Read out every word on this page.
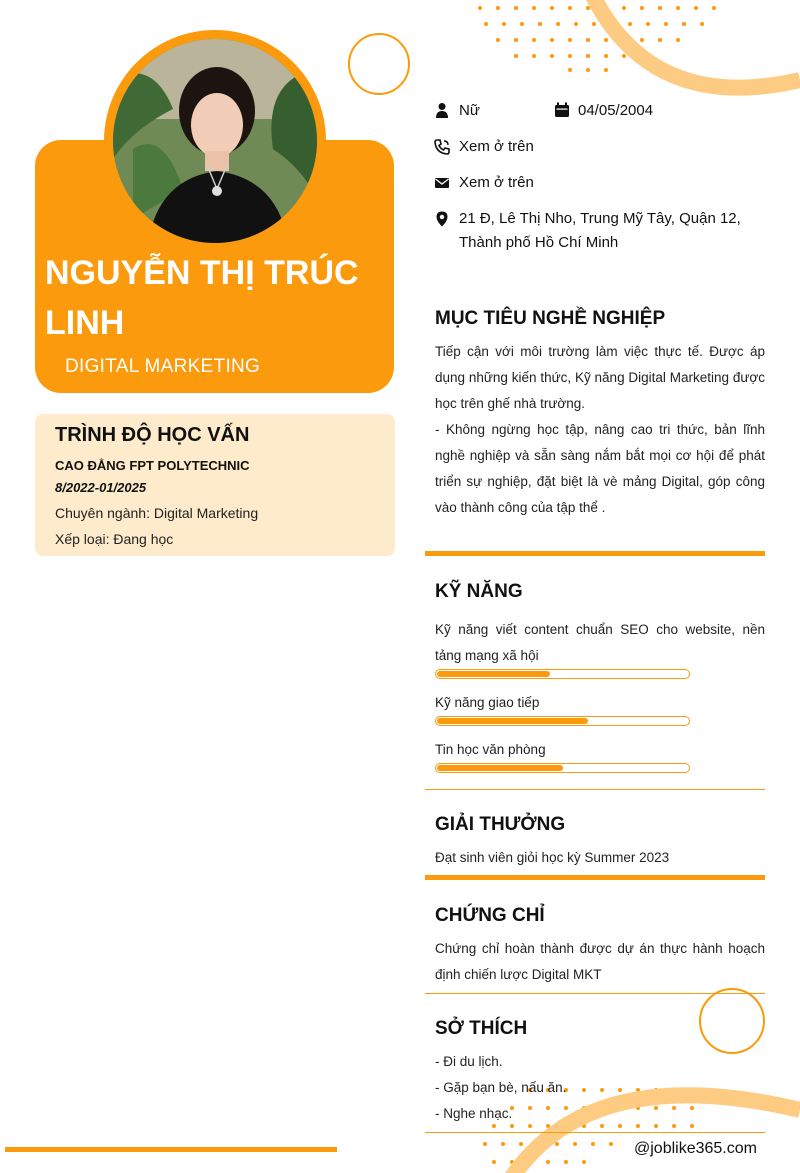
NGUYỄN THỊ TRÚC LINH
DIGITAL MARKETING
TRÌNH ĐỘ HỌC VẤN
CAO ĐẲNG FPT POLYTECHNIC
8/2022-01/2025
Chuyên ngành: Digital Marketing
Xếp loại: Đang học
Nữ	04/05/2004
Xem ở trên
Xem ở trên
21 Đ, Lê Thị Nho, Trung Mỹ Tây, Quận 12,
Thành phố Hồ Chí Minh
MỤC TIÊU NGHỀ NGHIỆP
Tiếp cận với môi trường làm việc thực tế. Được áp dụng những kiến thức, Kỹ năng Digital Marketing được học trên ghế nhà trường.
- Không ngừng học tập, nâng cao tri thức, bản lĩnh nghề nghiệp và sẵn sàng nắm bắt mọi cơ hội để phát triển sự nghiệp, đặt biệt là vè mảng Digital, góp công vào thành công của tập thể .
KỸ NĂNG
Kỹ năng viết content chuẩn SEO cho website, nền tảng mạng xã hội
Kỹ năng giao tiếp
Tin học văn phòng
GIẢI THƯỞNG
Đạt sinh viên giỏi học kỳ Summer 2023
CHỨNG CHỈ
Chứng chỉ hoàn thành được dự án thực hành hoạch định chiến lược Digital MKT
SỞ THÍCH
- Đi du lịch.
- Gặp bạn bè, nấu ăn.
- Nghe nhạc.
@joblike365.com
